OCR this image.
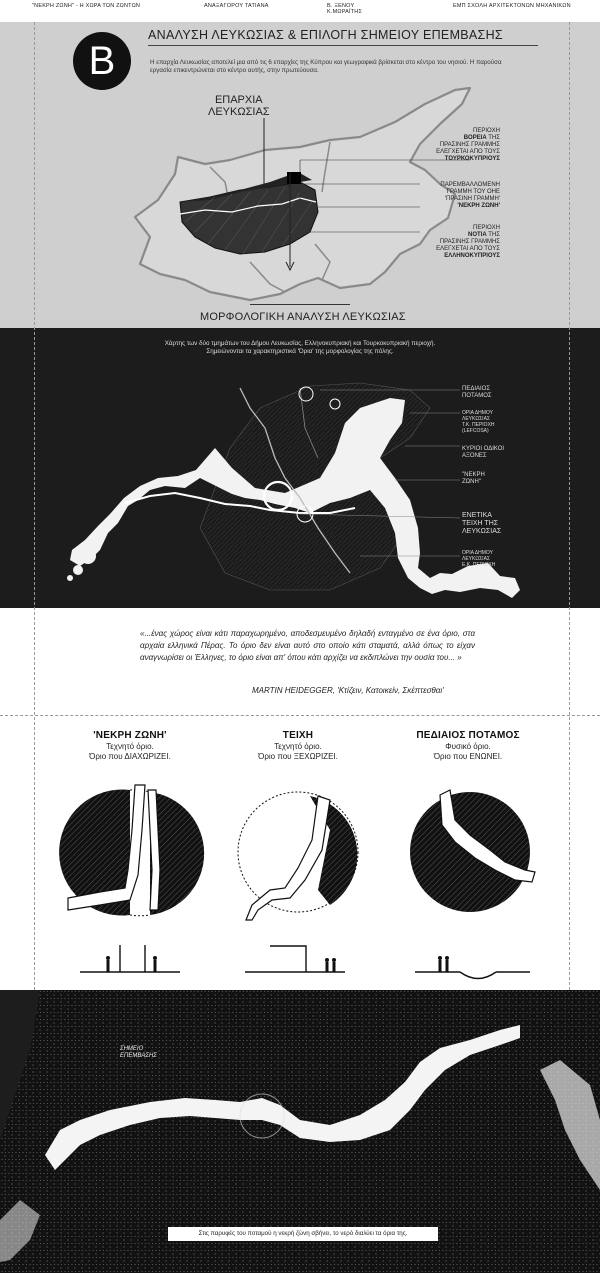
"ΝΕΚΡΗ ΖΩΝΗ" - Η ΧΩΡΑ ΤΩΝ ΖΩΝΤΩΝ	ΑΝΑΞΑΓΟΡΟΥ ΤΑΤΙΑΝΑ	Β. ΞΕΝΟΥ
Κ.ΜΩΡΑΪΤΗΣ
ΕΜΠ ΣΧΟΛΗ ΑΡΧΙΤΕΚΤΟΝΩΝ ΜΗΧΑΝΙΚΩΝ
B
ΑΝΑΛΥΣΗ ΛΕΥΚΩΣΙΑΣ & ΕΠΙΛΟΓΗ ΣΗΜΕΙΟΥ ΕΠΕΜΒΑΣΗΣ
Η επαρχία Λευκωσίας αποτελεί μια από τις 6 επαρχίες της Κύπρου και γεωγραφικά βρίσκεται στο κέντρο του νησιού. Η παρούσα εργασία επικεντρώνεται στο κέντρο αυτής, στην πρωτεύουσα.
ΕΠΑΡΧΙΑ
ΛΕΥΚΩΣΙΑΣ
ΠΕΡΙΟΧΗ
ΒΟΡΕΙΑ ΤΗΣ
ΠΡΑΣΙΝΗΣ ΓΡΑΜΜΗΣ
ΕΛΕΓΧΕΤΑΙ ΑΠΟ ΤΟΥΣ
ΤΟΥΡΚΟΚΥΠΡΙΟΥΣ
ΠΑΡΕΜΒΑΛΛΟΜΕΝΗ
ΓΡΑΜΜΗ ΤΟΥ ΟΗΕ
'ΠΡΑΣΙΝΗ ΓΡΑΜΜΗ'
'ΝΕΚΡΗ ΖΩΝΗ'
ΠΕΡΙΟΧΗ
ΝΟΤΙΑ ΤΗΣ
ΠΡΑΣΙΝΗΣ ΓΡΑΜΜΗΣ
ΕΛΕΓΧΕΤΑΙ ΑΠΟ ΤΟΥΣ
ΕΛΛΗΝΟΚΥΠΡΙΟΥΣ
ΜΟΡΦΟΛΟΓΙΚΗ ΑΝΑΛΥΣΗ ΛΕΥΚΩΣΙΑΣ
Χάρτης των δύο τμημάτων του Δήμου Λευκωσίας, Ελληνοκυπριακή και Τουρκοκυπριακή περιοχή.
Σημειώνονται τα χαρακτηριστικά 'Όρια' της μορφολογίας της πόλης.
ΠΕΔΙΑΙΟΣ
ΠΟΤΑΜΟΣ
ΟΡΙΑ ΔΗΜΟΥ
ΛΕΥΚΩΣΙΑΣ
Τ.Κ. ΠΕΡΙΟΧΗ
(LEFCOSA)
ΚΥΡΙΟΙ ΟΔΙΚΟΙ
ΑΞΟΝΕΣ
"ΝΕΚΡΗ
ΖΩΝΗ"
ΕΝΕΤΙΚΑ
ΤΕΙΧΗ ΤΗΣ
ΛΕΥΚΩΣΙΑΣ
ΟΡΙΑ ΔΗΜΟΥ
ΛΕΥΚΩΣΙΑΣ
Ε.Κ. ΠΕΡΙΟΧΗ
«...ένας χώρος είναι κάτι παραχωρημένο, αποδεσμευμένο δηλαδή ενταγμένο σε ένα όριο, στα αρχαία ελληνικά Πέρας. Το όριο δεν είναι αυτό στο οποίο κάτι σταματά, αλλά όπως το είχαν αναγνωρίσει οι Έλληνες, το όριο είναι απ' όπου κάτι αρχίζει να εκδιπλώνει την ουσία του... »
MARTIN HEIDEGGER, 'Κτίζειν, Κατοικείν, Σκέπτεσθαι'
'ΝΕΚΡΗ ΖΩΝΗ'
Τεχνητό όριο.
Όριο που ΔΙΑΧΩΡΙΖΕΙ.
ΤΕΙΧΗ
Τεχνητό όριο.
Όριο που ΞΕΧΩΡΙΖΕΙ.
ΠΕΔΙΑΙΟΣ ΠΟΤΑΜΟΣ
Φυσικό όριο.
Όριο που ΕΝΩΝΕΙ.
ΣΗΜΕΙΟ
ΕΠΕΜΒΑΣΗΣ
Στις παρυφές του ποταμού η νεκρή ζώνη σβήνει, το νερό διαλύει τα όρια της.
